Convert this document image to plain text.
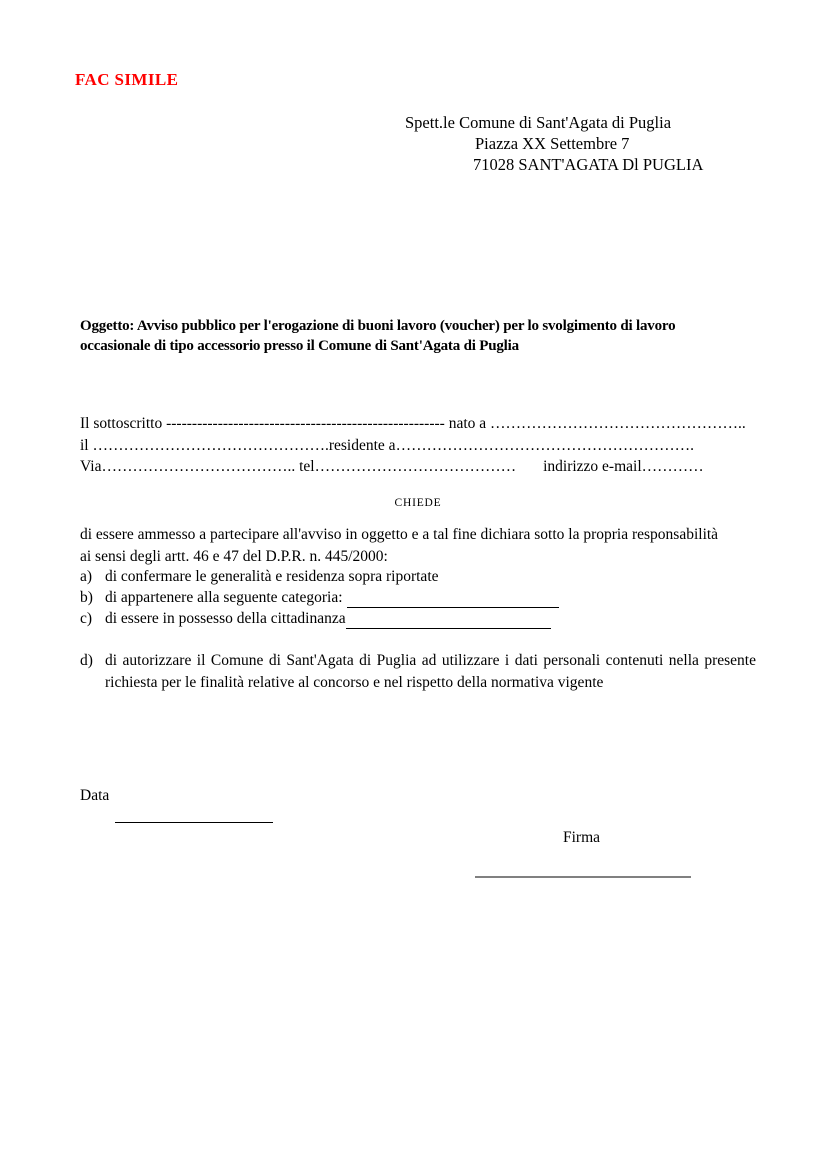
FAC SIMILE
Spett.le Comune di Sant'Agata di Puglia
Piazza XX Settembre 7
71028 SANT'AGATA Dl PUGLIA
Oggetto: Avviso pubblico per l'erogazione di buoni lavoro (voucher) per lo svolgimento di lavoro
occasionale di tipo accessorio presso il Comune di Sant'Agata di Puglia
Il sottoscritto ------------------------------------------------------ nato a …………………………………………..
il ……………………………………….residente a………………………………………………….
Via……………………………….. tel………………………………… indirizzo e-mail…………
CHIEDE
di essere ammesso a partecipare all'avviso in oggetto e a tal fine dichiara sotto la propria responsabilità
ai sensi degli artt. 46 e 47 del D.P.R. n. 445/2000:
a) di confermare le generalità e residenza sopra riportate
b) di appartenere alla seguente categoria:
c) di essere in possesso della cittadinanza
d) di autorizzare il Comune di Sant'Agata di Puglia ad utilizzare i dati personali contenuti nella presente richiesta per le finalità relative al concorso e nel rispetto della normativa vigente
Data
Firma
